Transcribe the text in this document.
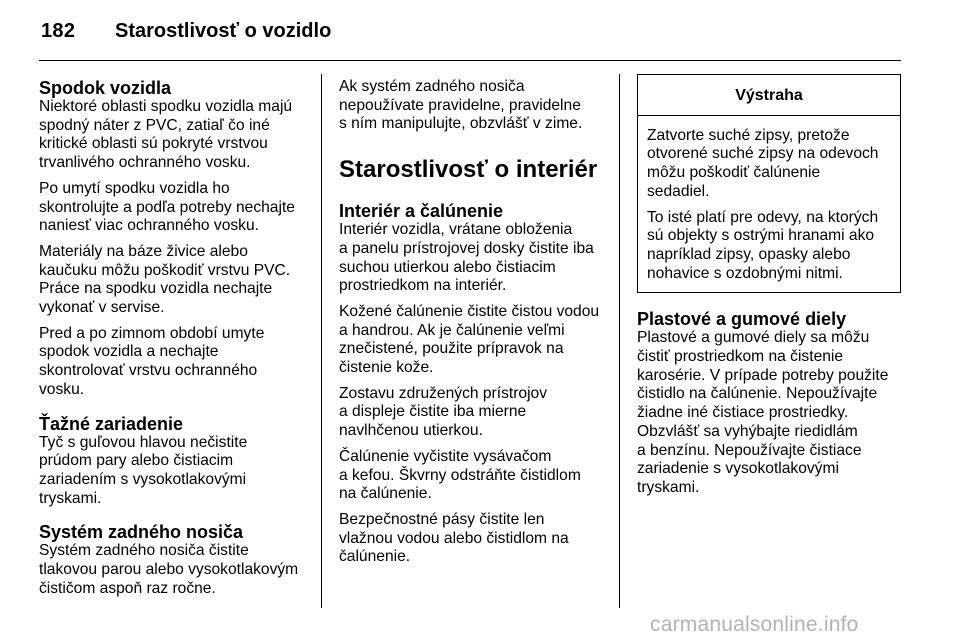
182 Starostlivosť o vozidlo
Spodok vozidla

Niektoré oblasti spodku vozidla majú
spodný náter z PVC, zatiaľ čo iné
kritické oblasti sú pokryté vrstvou
trvanlivého ochranného vosku.

Po umytí spodku vozidla ho
skontrolujte a podľa potreby nechajte
naniesť viac ochranného vosku.

Materiály na báze živice alebo
kaučuku môžu poškodiť vrstvu PVC.
Práce na spodku vozidla nechajte
vykonať v servise.

Pred a po zimnom období umyte
spodok vozidla a nechajte
skontrolovať vrstvu ochranného
vosku.

Ťažné zariadenie

Tyč s guľovou hlavou nečistite
prúdom pary alebo čistiacim
zariadením s vysokotlakovými
tryskami.

Systém zadného nosiča

Systém zadného nosiča čistite
tlakovou parou alebo vysokotlakovým
čističom aspoň raz ročne.

Ak systém zadného nosiča
nepoužívate pravidelne, pravidelne
s ním manipulujte, obzvlášť v zime.

Starostlivosť o interiér
Interiér a čalúnenie

Interiér vozidla, vrátane obloženia
a panelu prístrojovej dosky čistite iba
suchou utierkou alebo čistiacim
prostriedkom na interiér.

Kožené čalúnenie čistite čistou vodou
a handrou. Ak je čalúnenie veľmi
znečistené, použite prípravok na
čistenie kože.

Zostavu združených prístrojov
a displeje čistite iba mierne
navlhčenou utierkou.

Čalúnenie vyčistite vysávačom
a kefou. Škvrny odstráňte čistidlom
na čalúnenie.

Bezpečnostné pásy čistite len
vlažnou vodou alebo čistidlom na
čalúnenie.

Výstraha

Zatvorte suché zipsy, pretože
otvorené suché zipsy na odevoch
môžu poškodiť čalúnenie
sedadiel.

To isté platí pre odevy, na ktorých
sú objekty s ostrými hranami ako
napríklad zipsy, opasky alebo
nohavice s ozdobnými nitmi.

Plastové a gumové diely

Plastové a gumové diely sa môžu
čistiť prostriedkom na čistenie
karosérie. V prípade potreby použite
čistidlo na čalúnenie. Nepoužívajte
žiadne iné čistiace prostriedky.
Obzvlášť sa vyhýbajte riedidlám
a benzínu. Nepoužívajte čistiace
zariadenie s vysokotlakovými
tryskami.

carmanualsonline.info
